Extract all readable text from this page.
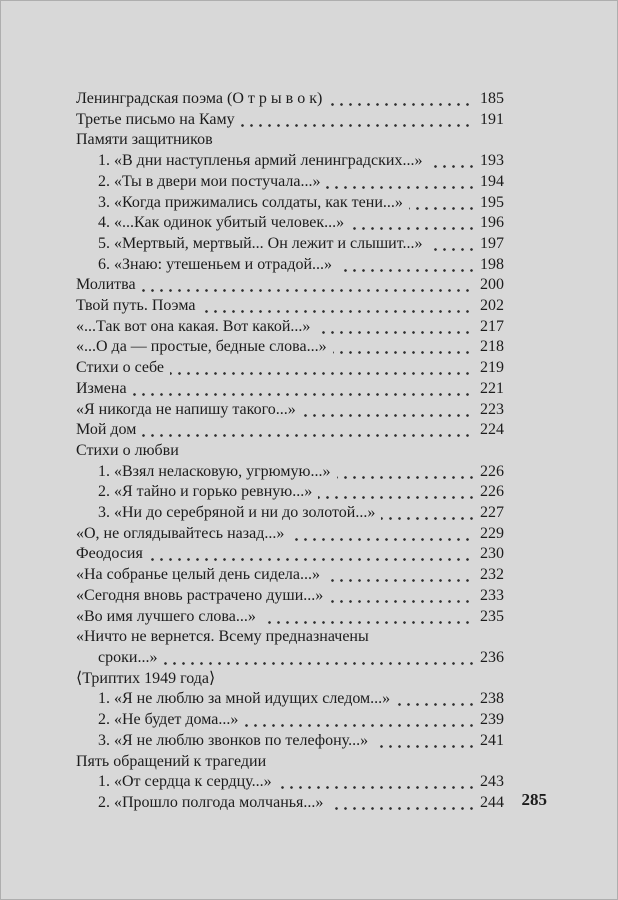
Ленинградская поэма (О т р ы в о к)	185
Третье письмо на Каму	191
Памяти защитников
1. «В дни наступленья армий ленинградских...»	193
2. «Ты в двери мои постучала...»	194
3. «Когда прижимались солдаты, как тени...»	195
4. «...Как одинок убитый человек...»	196
5. «Мертвый, мертвый... Он лежит и слышит...»	197
6. «Знаю: утешеньем и отрадой...»	198
Молитва	200
Твой путь. Поэма	202
«...Так вот она какая. Вот какой...»	217
«...О да — простые, бедные слова...»	218
Стихи о себе	219
Измена	221
«Я никогда не напишу такого...»	223
Мой дом	224
Стихи о любви
1. «Взял неласковую, угрюмую...»	226
2. «Я тайно и горько ревную...»	226
3. «Ни до серебряной и ни до золотой...»	227
«О, не оглядывайтесь назад...»	229
Феодосия	230
«На собранье целый день сидела...»	232
«Сегодня вновь растрачено души...»	233
«Во имя лучшего слова...»	235
«Ничто не вернется. Всему предназначены
сроки...»	236
⟨Триптих 1949 года⟩
1. «Я не люблю за мной идущих следом...»	238
2. «Не будет дома...»	239
3. «Я не люблю звонков по телефону...»	241
Пять обращений к трагедии
1. «От сердца к сердцу...»	243
2. «Прошло полгода молчанья...»	244 285
